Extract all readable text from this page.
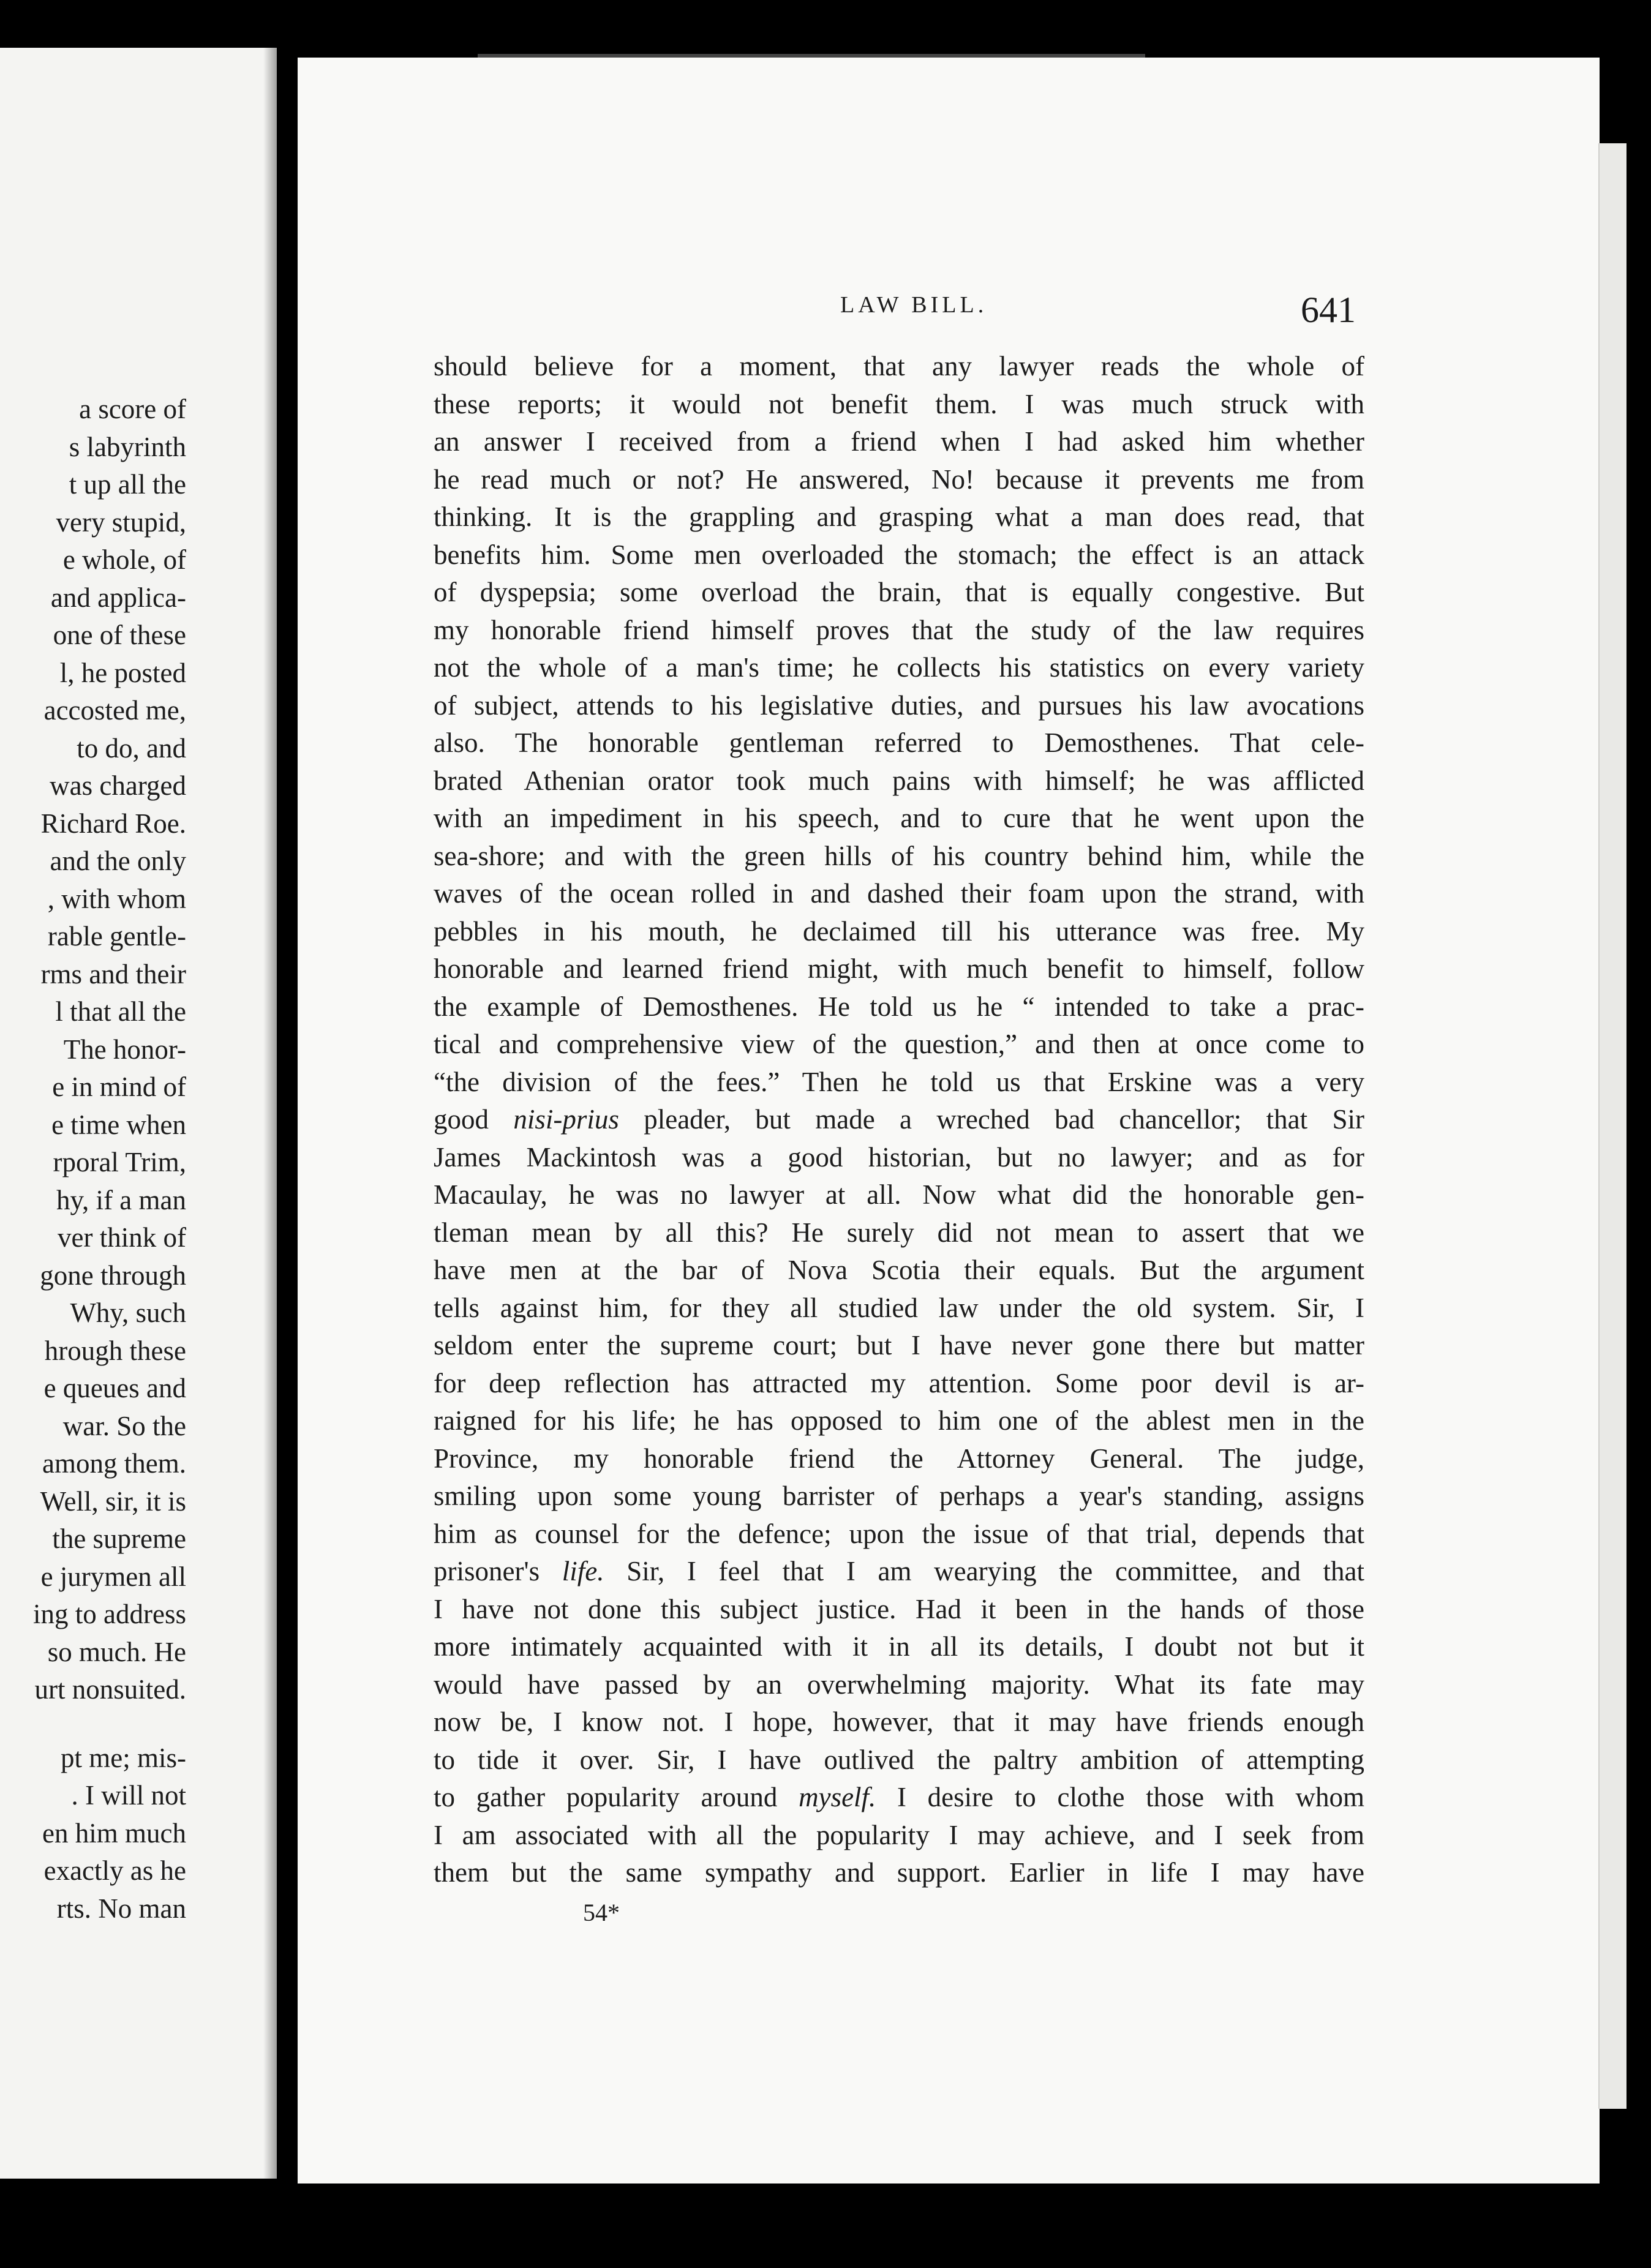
a score of
s labyrinth
t up all the
very stupid,
e whole, of
and applica-
one of these
l, he posted
accosted me,
to do, and
was charged
Richard Roe.
and the only
, with whom
rable gentle-
rms and their
l that all the
The honor-
e in mind of
e time when
rporal Trim,
hy, if a man
ver think of
gone through
Why, such
hrough these
e queues and
war. So the
among them.
Well, sir, it is
the supreme
e jurymen all
ing to address
so much. He
urt nonsuited.
pt me; mis-
. I will not
en him much
exactly as he
rts. No man
LAW BILL.	641
should believe for a moment, that any lawyer reads the whole of
these reports; it would not benefit them. I was much struck with
an answer I received from a friend when I had asked him whether
he read much or not? He answered, No! because it prevents me from
thinking. It is the grappling and grasping what a man does read, that
benefits him. Some men overloaded the stomach; the effect is an attack
of dyspepsia; some overload the brain, that is equally congestive. But
my honorable friend himself proves that the study of the law requires
not the whole of a man's time; he collects his statistics on every variety
of subject, attends to his legislative duties, and pursues his law avocations
also. The honorable gentleman referred to Demosthenes. That cele-
brated Athenian orator took much pains with himself; he was afflicted
with an impediment in his speech, and to cure that he went upon the
sea-shore; and with the green hills of his country behind him, while the
waves of the ocean rolled in and dashed their foam upon the strand, with
pebbles in his mouth, he declaimed till his utterance was free. My
honorable and learned friend might, with much benefit to himself, follow
the example of Demosthenes. He told us he “ intended to take a prac-
tical and comprehensive view of the question,” and then at once come to
“the division of the fees.” Then he told us that Erskine was a very
good nisi-prius pleader, but made a wreched bad chancellor; that Sir
James Mackintosh was a good historian, but no lawyer; and as for
Macaulay, he was no lawyer at all. Now what did the honorable gen-
tleman mean by all this? He surely did not mean to assert that we
have men at the bar of Nova Scotia their equals. But the argument
tells against him, for they all studied law under the old system. Sir, I
seldom enter the supreme court; but I have never gone there but matter
for deep reflection has attracted my attention. Some poor devil is ar-
raigned for his life; he has opposed to him one of the ablest men in the
Province, my honorable friend the Attorney General. The judge,
smiling upon some young barrister of perhaps a year's standing, assigns
him as counsel for the defence; upon the issue of that trial, depends that
prisoner's life. Sir, I feel that I am wearying the committee, and that
I have not done this subject justice. Had it been in the hands of those
more intimately acquainted with it in all its details, I doubt not but it
would have passed by an overwhelming majority. What its fate may
now be, I know not. I hope, however, that it may have friends enough
to tide it over. Sir, I have outlived the paltry ambition of attempting
to gather popularity around myself. I desire to clothe those with whom
I am associated with all the popularity I may achieve, and I seek from
them but the same sympathy and support. Earlier in life I may have
54*
